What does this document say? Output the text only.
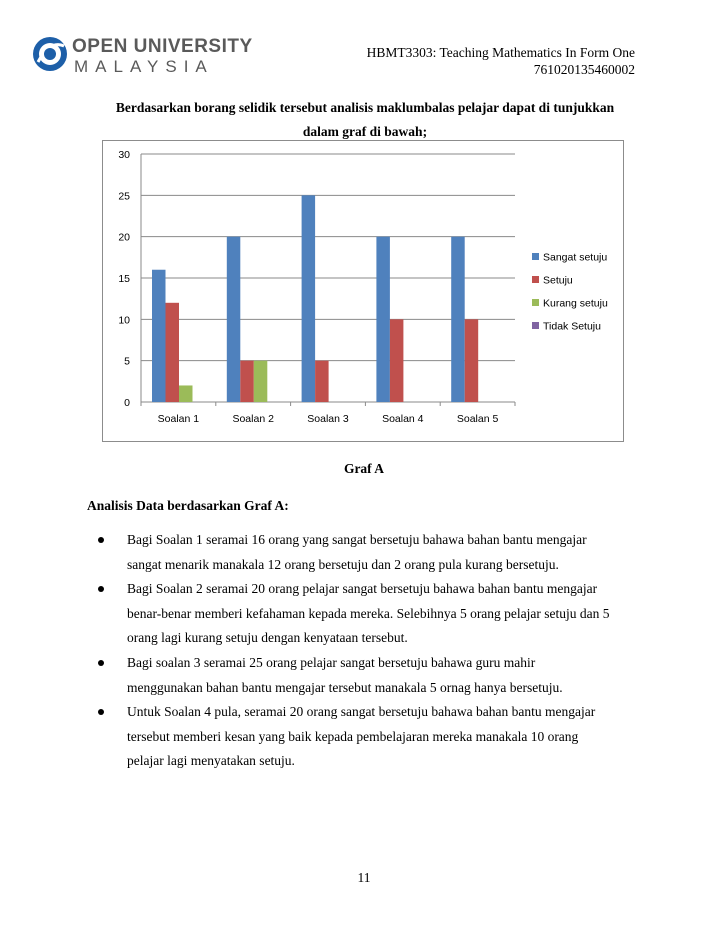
OPEN UNIVERSITY
MALAYSIA
HBMT3303: Teaching Mathematics In Form One
761020135460002
Berdasarkan borang selidik tersebut analisis maklumbalas pelajar dapat di tunjukkan
dalam graf di bawah;
0
5
10
15
20
25
30
Soalan 1	Soalan 2	Soalan 3	Soalan 4	Soalan 5
Sangat setuju
Setuju
Kurang setuju
Tidak Setuju
Graf A
Analisis Data berdasarkan Graf A:
Bagi Soalan 1 seramai 16 orang yang sangat bersetuju bahawa bahan bantu mengajar
sangat menarik manakala 12 orang bersetuju dan 2 orang pula kurang bersetuju.
Bagi Soalan 2 seramai 20 orang pelajar sangat bersetuju bahawa bahan bantu mengajar
benar-benar memberi kefahaman kepada mereka. Selebihnya 5 orang pelajar setuju dan 5
orang lagi kurang setuju dengan kenyataan tersebut.
Bagi soalan 3 seramai 25 orang pelajar sangat bersetuju bahawa guru mahir
menggunakan bahan bantu mengajar tersebut manakala 5 ornag hanya bersetuju.
Untuk Soalan 4 pula, seramai 20 orang sangat bersetuju bahawa bahan bantu mengajar
tersebut memberi kesan yang baik kepada pembelajaran mereka manakala 10 orang
pelajar lagi menyatakan setuju.
11
